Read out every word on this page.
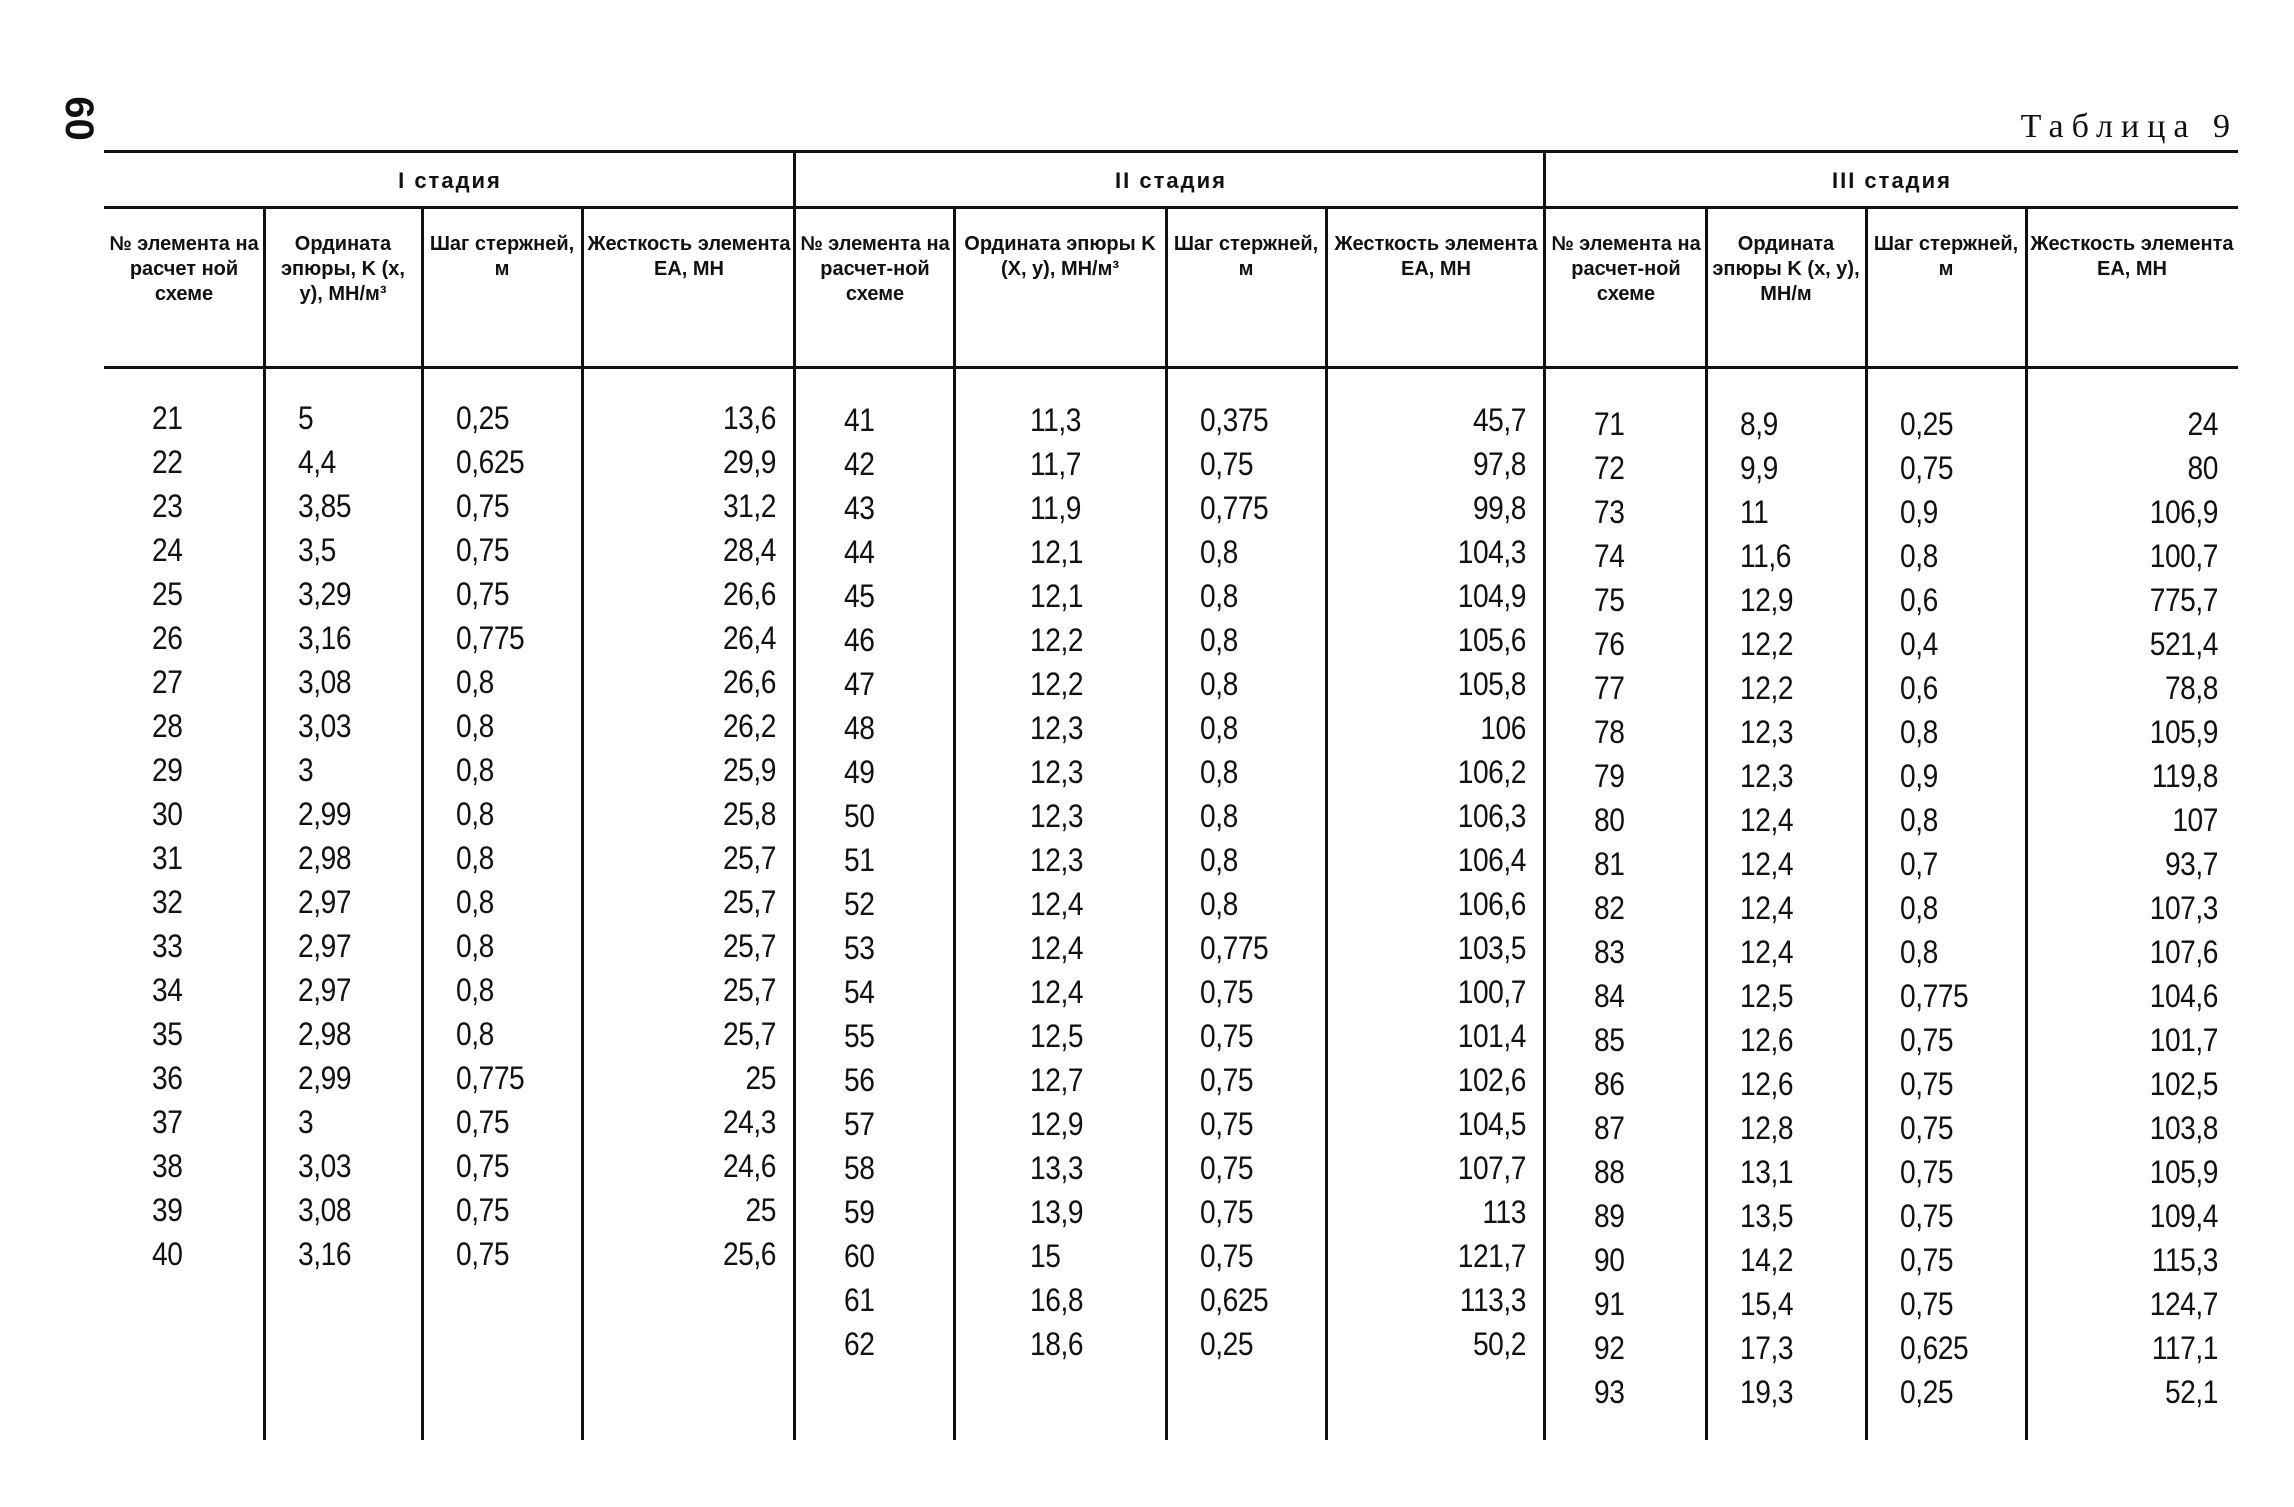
60	Таблица 9
I стадия
№ элемента на расчет ной схеме
21
22
23
24
25
26
27
28
29
30
31
32
33
34
35
36
37
38
39
40
Ордината эпюры, K (x, y), МН/м³
5
4,4
3,85
3,5
3,29
3,16
3,08
3,03
3
2,99
2,98
2,97
2,97
2,97
2,98
2,99
3
3,03
3,08
3,16
Шаг стержней, м
0,25
0,625
0,75
0,75
0,75
0,775
0,8
0,8
0,8
0,8
0,8
0,8
0,8
0,8
0,8
0,775
0,75
0,75
0,75
0,75
Жесткость элемента EA, МН
13,6
29,9
31,2
28,4
26,6
26,4
26,6
26,2
25,9
25,8
25,7
25,7
25,7
25,7
25,7
25
24,3
24,6
25
25,6
II стадия
№ элемента на расчет-ной схеме
41
42
43
44
45
46
47
48
49
50
51
52
53
54
55
56
57
58
59
60
61
62
Ордината эпюры K (X, y), МН/м³
11,3
11,7
11,9
12,1
12,1
12,2
12,2
12,3
12,3
12,3
12,3
12,4
12,4
12,4
12,5
12,7
12,9
13,3
13,9
15
16,8
18,6
Шаг стержней, м
0,375
0,75
0,775
0,8
0,8
0,8
0,8
0,8
0,8
0,8
0,8
0,8
0,775
0,75
0,75
0,75
0,75
0,75
0,75
0,75
0,625
0,25
Жесткость элемента EA, МН
45,7
97,8
99,8
104,3
104,9
105,6
105,8
106
106,2
106,3
106,4
106,6
103,5
100,7
101,4
102,6
104,5
107,7
113
121,7
113,3
50,2
III стадия
№ элемента на расчет-ной схеме
71
72
73
74
75
76
77
78
79
80
81
82
83
84
85
86
87
88
89
90
91
92
93
Ордината эпюры K (x, y), МН/м
8,9
9,9
11
11,6
12,9
12,2
12,2
12,3
12,3
12,4
12,4
12,4
12,4
12,5
12,6
12,6
12,8
13,1
13,5
14,2
15,4
17,3
19,3
Шаг стержней, м
0,25
0,75
0,9
0,8
0,6
0,4
0,6
0,8
0,9
0,8
0,7
0,8
0,8
0,775
0,75
0,75
0,75
0,75
0,75
0,75
0,75
0,625
0,25
Жесткость элемента EA, МН
24
80
106,9
100,7
775,7
521,4
78,8
105,9
119,8
107
93,7
107,3
107,6
104,6
101,7
102,5
103,8
105,9
109,4
115,3
124,7
117,1
52,1
